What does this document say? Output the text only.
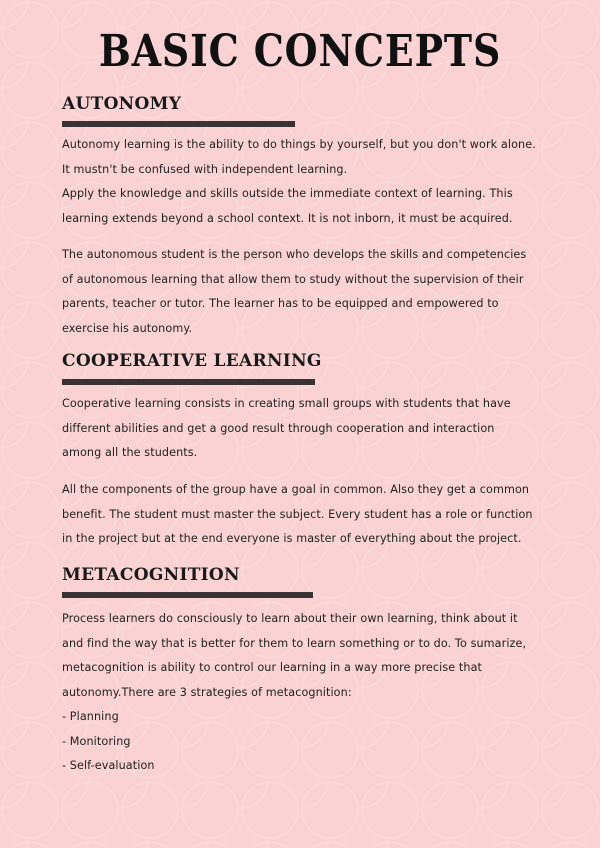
BASIC CONCEPTS
AUTONOMY
Autonomy learning is the ability to do things by yourself, but you don't work alone.
It mustn't be confused with independent learning.
Apply the knowledge and skills outside the immediate context of learning. This
learning extends beyond a school context. It is not inborn, it must be acquired.
The autonomous student is the person who develops the skills and competencies
of autonomous learning that allow them to study without the supervision of their
parents, teacher or tutor. The learner has to be equipped and empowered to
exercise his autonomy.
COOPERATIVE LEARNING
Cooperative learning consists in creating small groups with students that have
different abilities and get a good result through cooperation and interaction
among all the students.
All the components of the group have a goal in common. Also they get a common
benefit. The student must master the subject. Every student has a role or function
in the project but at the end everyone is master of everything about the project.
METACOGNITION
Process learners do consciously to learn about their own learning, think about it
and find the way that is better for them to learn something or to do. To sumarize,
metacognition is ability to control our learning in a way more precise that
autonomy.There are 3 strategies of metacognition:
- Planning
- Monitoring
- Self-evaluation
